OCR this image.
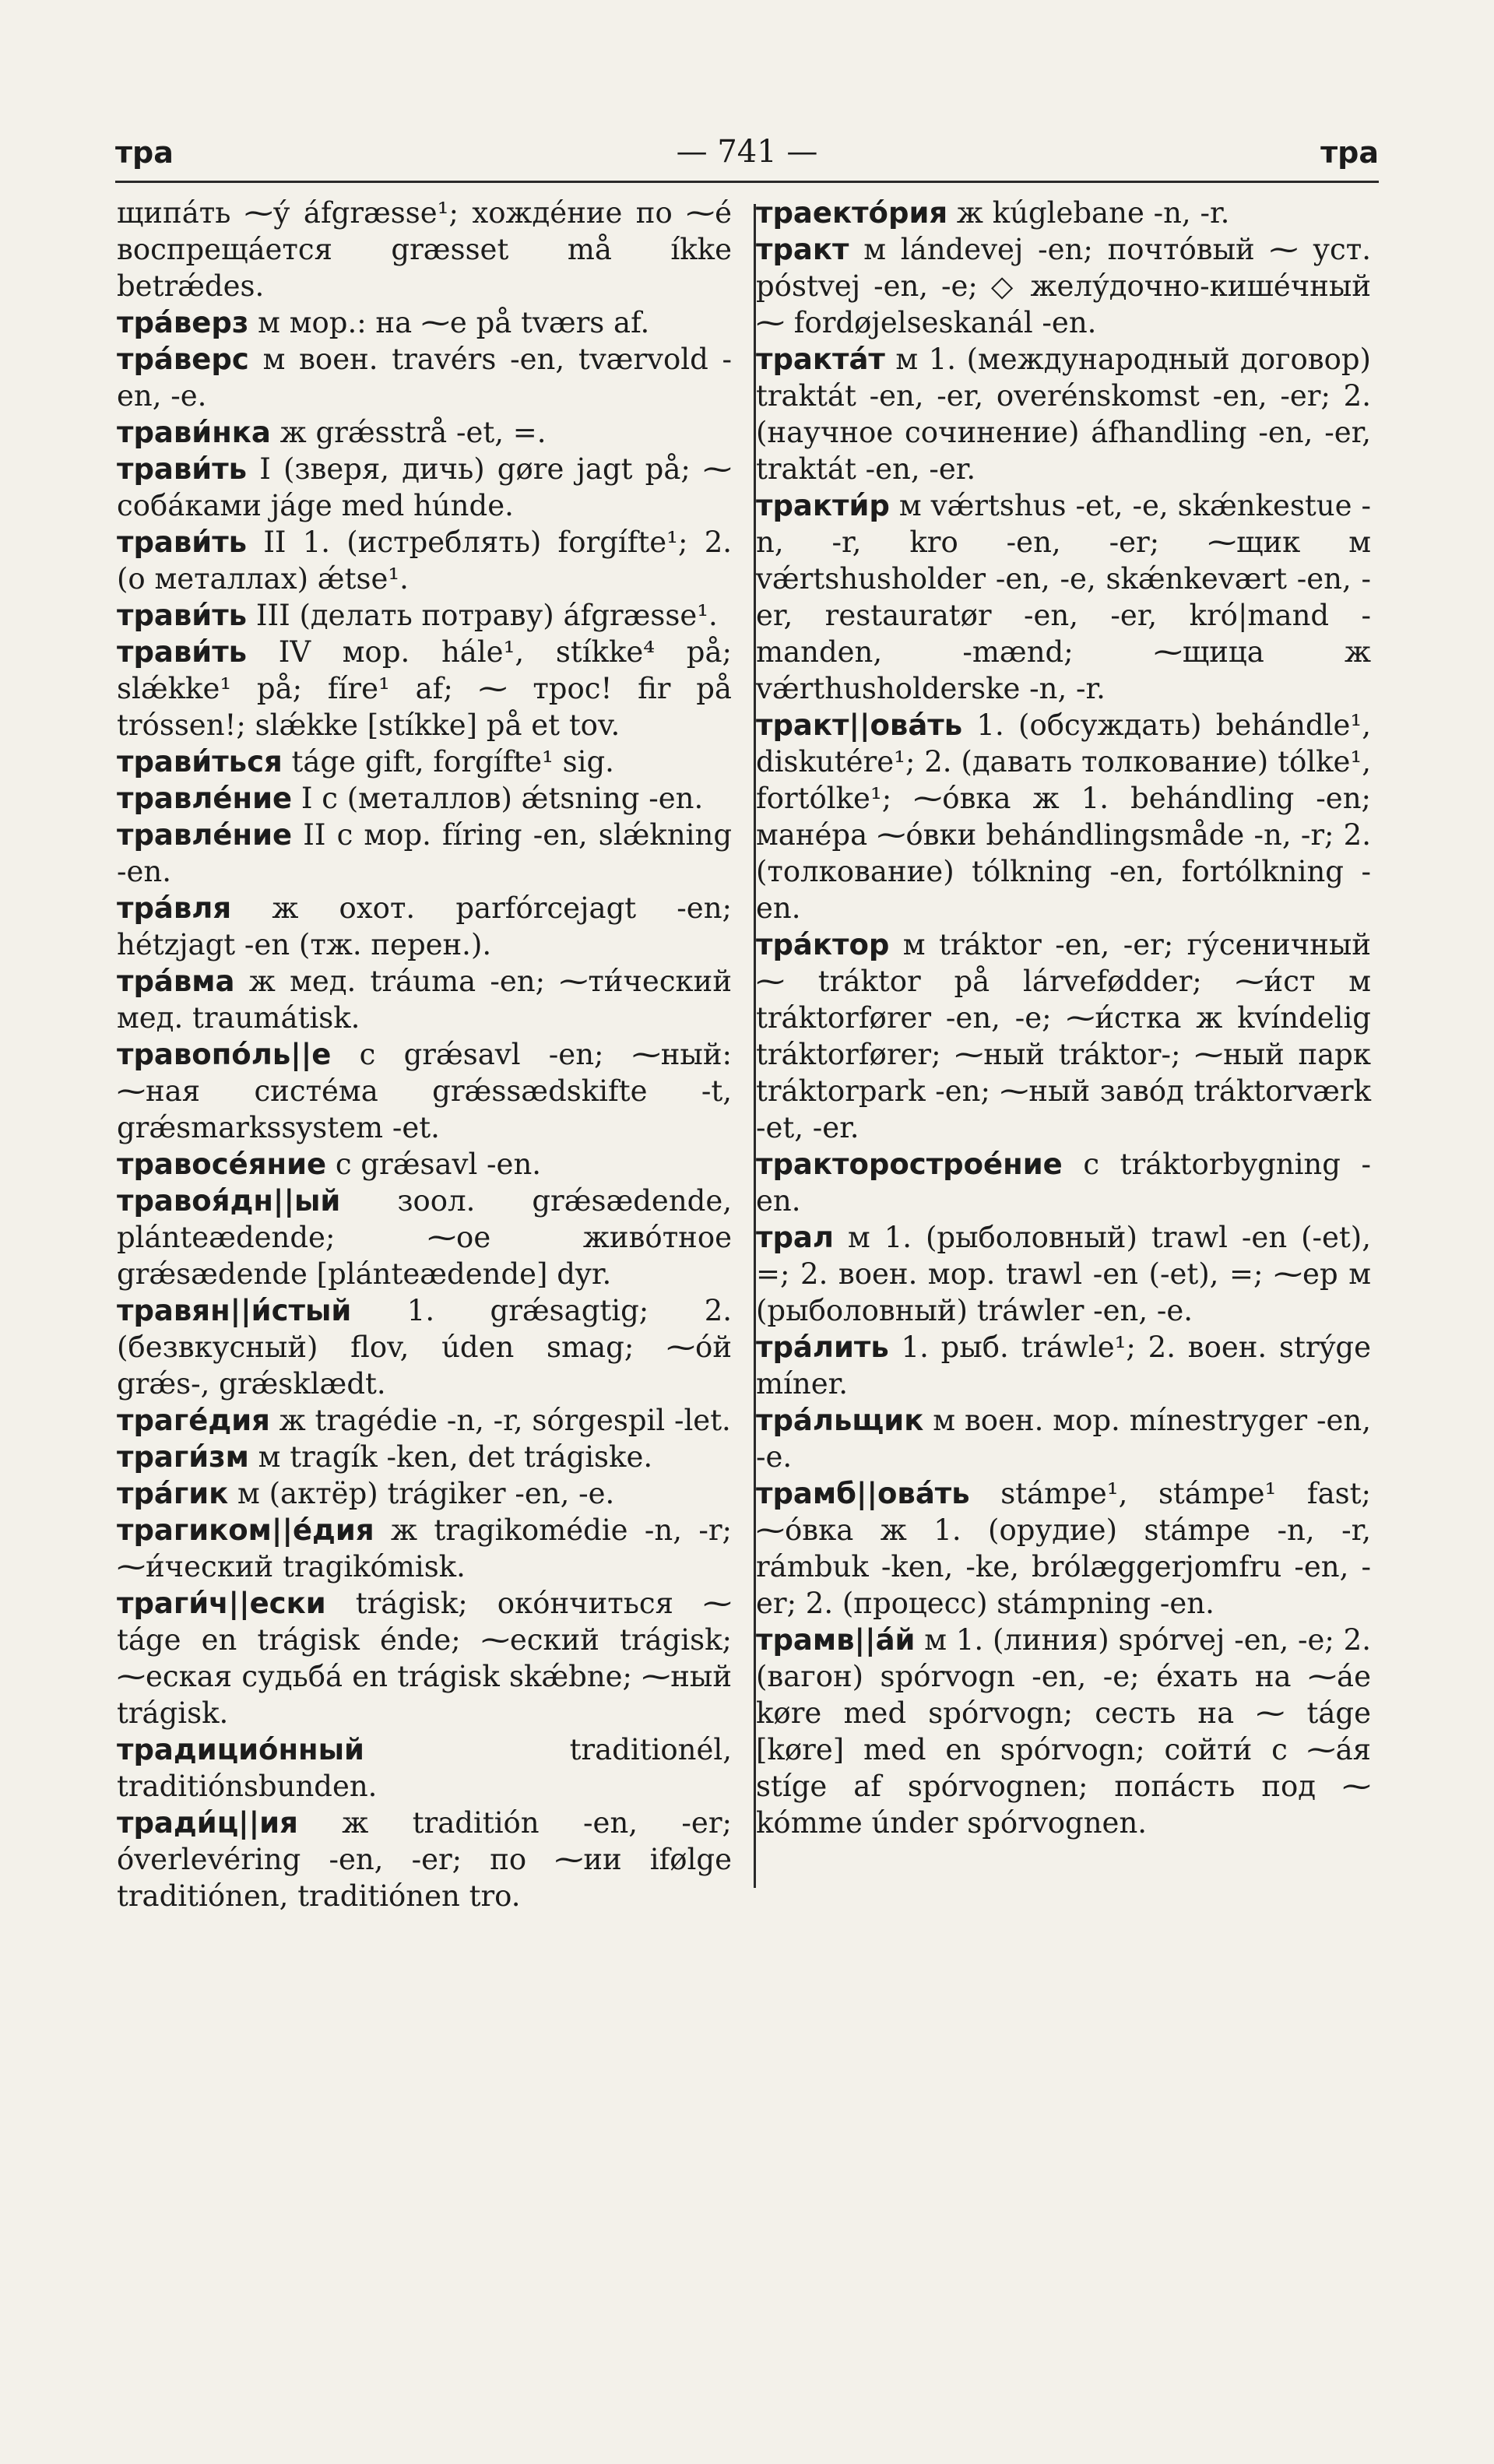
тра	— 741 —	тра

щипа́ть ⁓у́ áfgræsse¹; хожде́ние по ⁓е́ воспреща́ется græsset må íkke betrǽdes.

тра́верз м мор.: на ⁓е på tværs af.

тра́верс м воен. travérs -en, tværvold -en, -e.

трави́нка ж grǽsstrå -et, =.

трави́ть I (зверя, дичь) gøre jagt på; ⁓ соба́ками jáge med húnde.

трави́ть II 1. (истреблять) forgífte¹; 2. (о металлах) ǽtse¹.

трави́ть III (делать потраву) áfgræsse¹.

трави́ть IV мор. hále¹, stíkke⁴ på; slǽkke¹ på; fíre¹ af; ⁓ трос! fir på tróssen!; slǽkke [stíkke] på et tov.

трави́ться táge gift, forgífte¹ sig.

травле́ние I с (металлов) ǽtsning -en.

травле́ние II с мор. fíring -en, slǽkning -en.

тра́вля ж охот. parfórcejagt -en; hétzjagt -en (тж. перен.).

тра́вма ж мед. tráuma -en; ⁓ти́ческий мед. traumátisk.

травопо́ль||е с grǽsavl -en; ⁓ный: ⁓ная систе́ма grǽssædskifte -t, grǽsmarkssystem -et.

травосе́яние с grǽsavl -en.

травоя́дн||ый зоол. grǽsædende, plánteædende; ⁓ое живо́тное grǽsædende [plánteædende] dyr.

травян||и́стый 1. grǽsagtig; 2. (безвкусный) flov, úden smag; ⁓о́й grǽs-, grǽsklædt.

траге́дия ж tragédie -n, -r, sórgespil -let.

траги́зм м tragík -ken, det trágiske.

тра́гик м (актёр) trágiker -en, -e.

трагиком||е́дия ж tragikomédie -n, -r; ⁓и́ческий tragikómisk.

траги́ч||ески trágisk; око́нчиться ⁓ táge en trágisk énde; ⁓еский trágisk; ⁓еская судьба́ en trágisk skǽbne; ⁓ный trágisk.

традицио́нный	traditionél, traditiónsbunden.

тради́ц||ия ж traditión -en, -er; óverlevéring -en, -er; по ⁓ии ifølge traditiónen, traditiónen tro.

траекто́рия ж kúglebane -n, -r.

тракт м lándevej -en; почто́вый ⁓ уст. póstvej -en, -e; ◇ желу́дочно-кише́чный ⁓ fordøjelseskanál -en.

тракта́т м 1. (международный договор) traktát -en, -er, overénskomst -en, -er; 2. (научное сочинение) áfhandling -en, -er, traktát -en, -er.

тракти́р м vǽrtshus -et, -e, skǽnkestue -n, -r, kro -en, -er; ⁓щик м vǽrtshusholder -en, -e, skǽnkevært -en, -er, restauratør -en, -er, kró|mand -manden, -mænd; ⁓щица ж vǽrthusholderske -n, -r.

тракт||ова́ть 1. (обсуждать) behándle¹, diskutére¹; 2. (давать толкование) tólke¹, fortólke¹; ⁓о́вка ж 1. behándling -en; мане́ра ⁓о́вки behándlingsmåde -n, -r; 2. (толкование) tólkning -en, fortólkning -en.

тра́ктор м tráktor -en, -er; гу́сеничный ⁓ tráktor på lárvefødder; ⁓и́ст м tráktorfører -en, -e; ⁓и́стка ж kvíndelig tráktorfører; ⁓ный tráktor-; ⁓ный парк tráktorpark -en; ⁓ный заво́д tráktorværk -et, -er.

тракторострое́ние с tráktorbygning -en.

трал м 1. (рыболовный) trawl -en (-et), =; 2. воен. мор. trawl -en (-et), =; ⁓ер м (рыболовный) tráwler -en, -e.

тра́лить 1. рыб. tráwle¹; 2. воен. strýge míner.

тра́льщик м воен. мор. mínestryger -en, -e.

трамб||ова́ть stámpe¹, stámpe¹ fast; ⁓о́вка ж 1. (орудие) stámpe -n, -r, rámbuk -ken, -ke, brólæggerjomfru -en, -er; 2. (процесс) stámpning -en.

трамв||а́й м 1. (линия) spórvej -en, -e; 2. (вагон) spórvogn -en, -e; е́хать на ⁓а́е køre med spórvogn; сесть на ⁓ táge [køre] med en spórvogn; сойти́ с ⁓а́я stíge af spórvognen; попа́сть под ⁓ kómme únder spórvognen.
